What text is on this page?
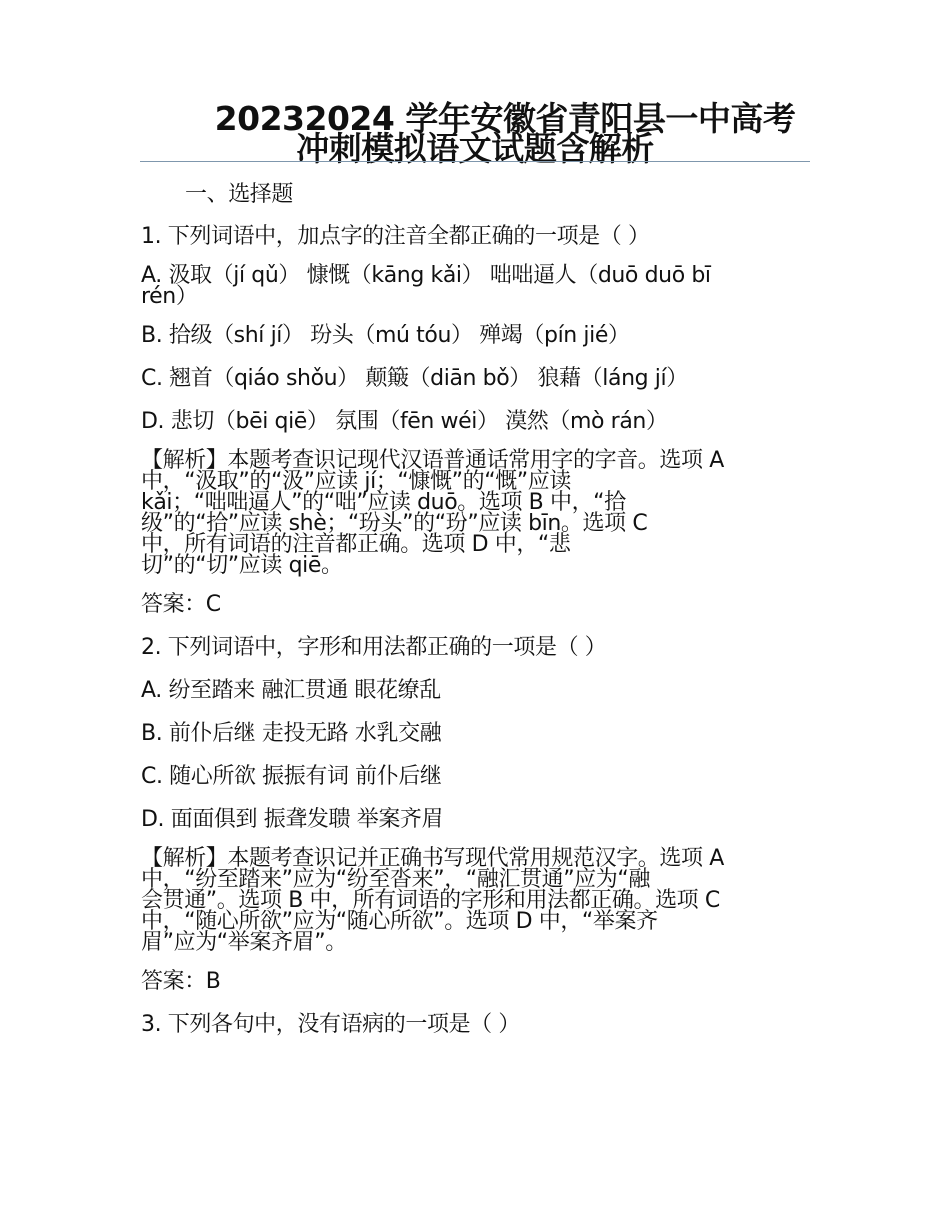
20232024 学年安徽省青阳县一中高考
冲刺模拟语文试题含解析

一、选择题

1. 下列词语中，加点字的注音全都正确的一项是（ ）

A. 汲取（jí qǔ） 慷慨（kāng kǎi） 咄咄逼人（duō duō bī
rén）

B. 拾级（shí jí） 玢头（mú tóu） 殚竭（pín jié）

C. 翘首（qiáo shǒu） 颠簸（diān bǒ） 狼藉（láng jí）

D. 悲切（bēi qiē） 氛围（fēn wéi） 漠然（mò rán）

【解析】本题考查识记现代汉语普通话常用字的字音。选项 A
中，“汲取”的“汲”应读 jí；“慷慨”的“慨”应读
kǎi；“咄咄逼人”的“咄”应读 duō。选项 B 中，“拾
级”的“拾”应读 shè；“玢头”的“玢”应读 bīn。选项 C
中，所有词语的注音都正确。选项 D 中，“悲
切”的“切”应读 qiē。

答案：C

2. 下列词语中，字形和用法都正确的一项是（ ）

A. 纷至踏来 融汇贯通 眼花缭乱

B. 前仆后继 走投无路 水乳交融

C. 随心所欲 振振有词 前仆后继

D. 面面俱到 振聋发聩 举案齐眉

【解析】本题考查识记并正确书写现代常用规范汉字。选项 A
中，“纷至踏来”应为“纷至沓来”，“融汇贯通”应为“融
会贯通”。选项 B 中，所有词语的字形和用法都正确。选项 C
中，“随心所欲”应为“随心所欲”。选项 D 中，“举案齐
眉”应为“举案齐眉”。

答案：B

3. 下列各句中，没有语病的一项是（ ）
